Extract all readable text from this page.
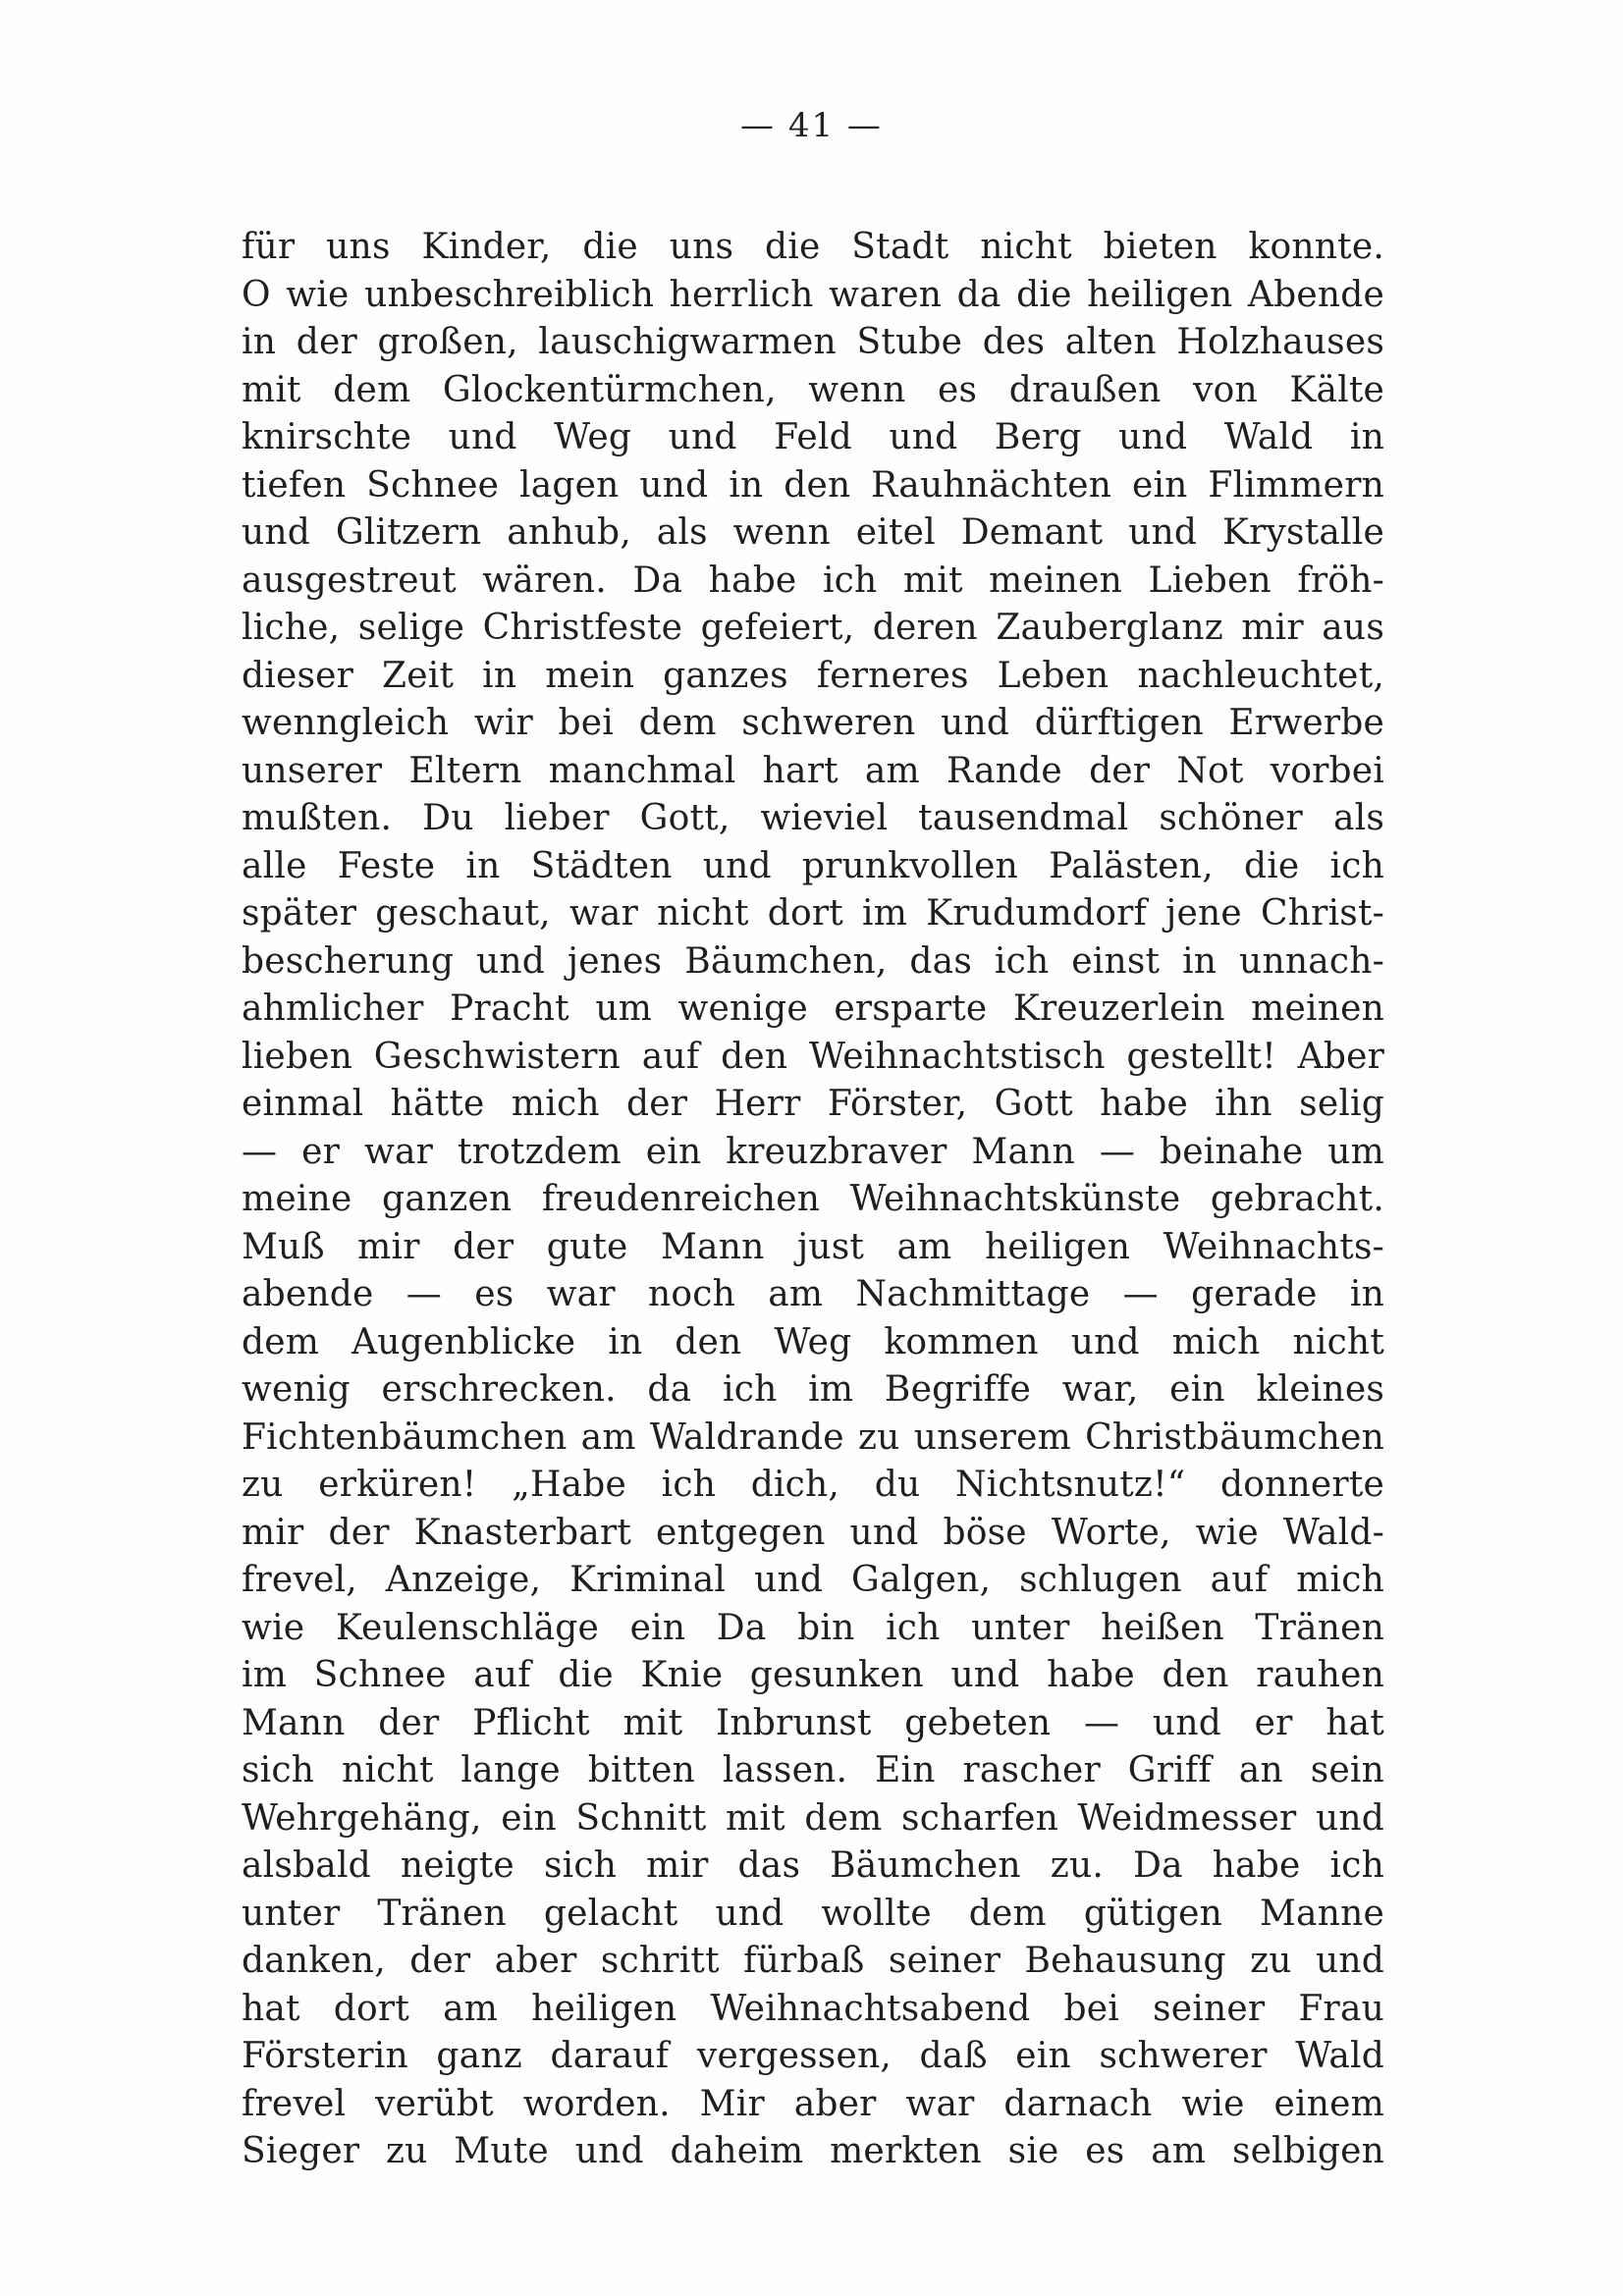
— 41 —
für uns Kinder, die uns die Stadt nicht bieten konnte.
O wie unbeschreiblich herrlich waren da die heiligen Abende
in der großen, lauschigwarmen Stube des alten Holzhauses
mit dem Glockentürmchen, wenn es draußen von Kälte
knirschte und Weg und Feld und Berg und Wald in
tiefen Schnee lagen und in den Rauhnächten ein Flimmern
und Glitzern anhub, als wenn eitel Demant und Krystalle
ausgestreut wären. Da habe ich mit meinen Lieben fröh-
liche, selige Christfeste gefeiert, deren Zauberglanz mir aus
dieser Zeit in mein ganzes ferneres Leben nachleuchtet,
wenngleich wir bei dem schweren und dürftigen Erwerbe
unserer Eltern manchmal hart am Rande der Not vorbei
mußten. Du lieber Gott, wieviel tausendmal schöner als
alle Feste in Städten und prunkvollen Palästen, die ich
später geschaut, war nicht dort im Krudumdorf jene Christ-
bescherung und jenes Bäumchen, das ich einst in unnach-
ahmlicher Pracht um wenige ersparte Kreuzerlein meinen
lieben Geschwistern auf den Weihnachtstisch gestellt! Aber
einmal hätte mich der Herr Förster, Gott habe ihn selig
— er war trotzdem ein kreuzbraver Mann — beinahe um
meine ganzen freudenreichen Weihnachtskünste gebracht.
Muß mir der gute Mann just am heiligen Weihnachts-
abende — es war noch am Nachmittage — gerade in
dem Augenblicke in den Weg kommen und mich nicht
wenig erschrecken. da ich im Begriffe war, ein kleines
Fichtenbäumchen am Waldrande zu unserem Christbäumchen
zu erküren! „Habe ich dich, du Nichtsnutz!“ donnerte
mir der Knasterbart entgegen und böse Worte, wie Wald-
frevel, Anzeige, Kriminal und Galgen, schlugen auf mich
wie Keulenschläge ein Da bin ich unter heißen Tränen
im Schnee auf die Knie gesunken und habe den rauhen
Mann der Pflicht mit Inbrunst gebeten — und er hat
sich nicht lange bitten lassen. Ein rascher Griff an sein
Wehrgehäng, ein Schnitt mit dem scharfen Weidmesser und
alsbald neigte sich mir das Bäumchen zu. Da habe ich
unter Tränen gelacht und wollte dem gütigen Manne
danken, der aber schritt fürbaß seiner Behausung zu und
hat dort am heiligen Weihnachtsabend bei seiner Frau
Försterin ganz darauf vergessen, daß ein schwerer Wald
frevel verübt worden. Mir aber war darnach wie einem
Sieger zu Mute und daheim merkten sie es am selbigen
